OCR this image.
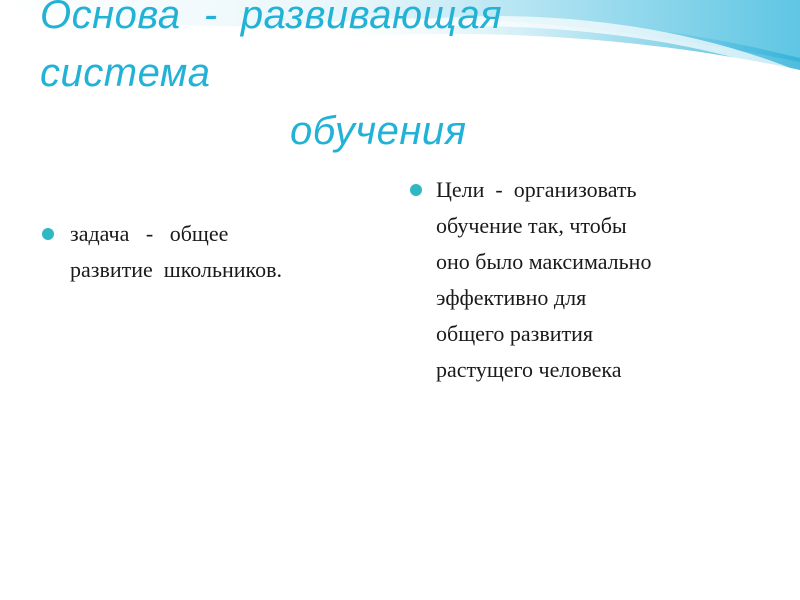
Основа  -  развивающая
система
обучения
задача   -   общее
развитие  школьников.
Цели  -  организовать
обучение так, чтобы
оно было максимально
эффективно для
общего развития
растущего человека
